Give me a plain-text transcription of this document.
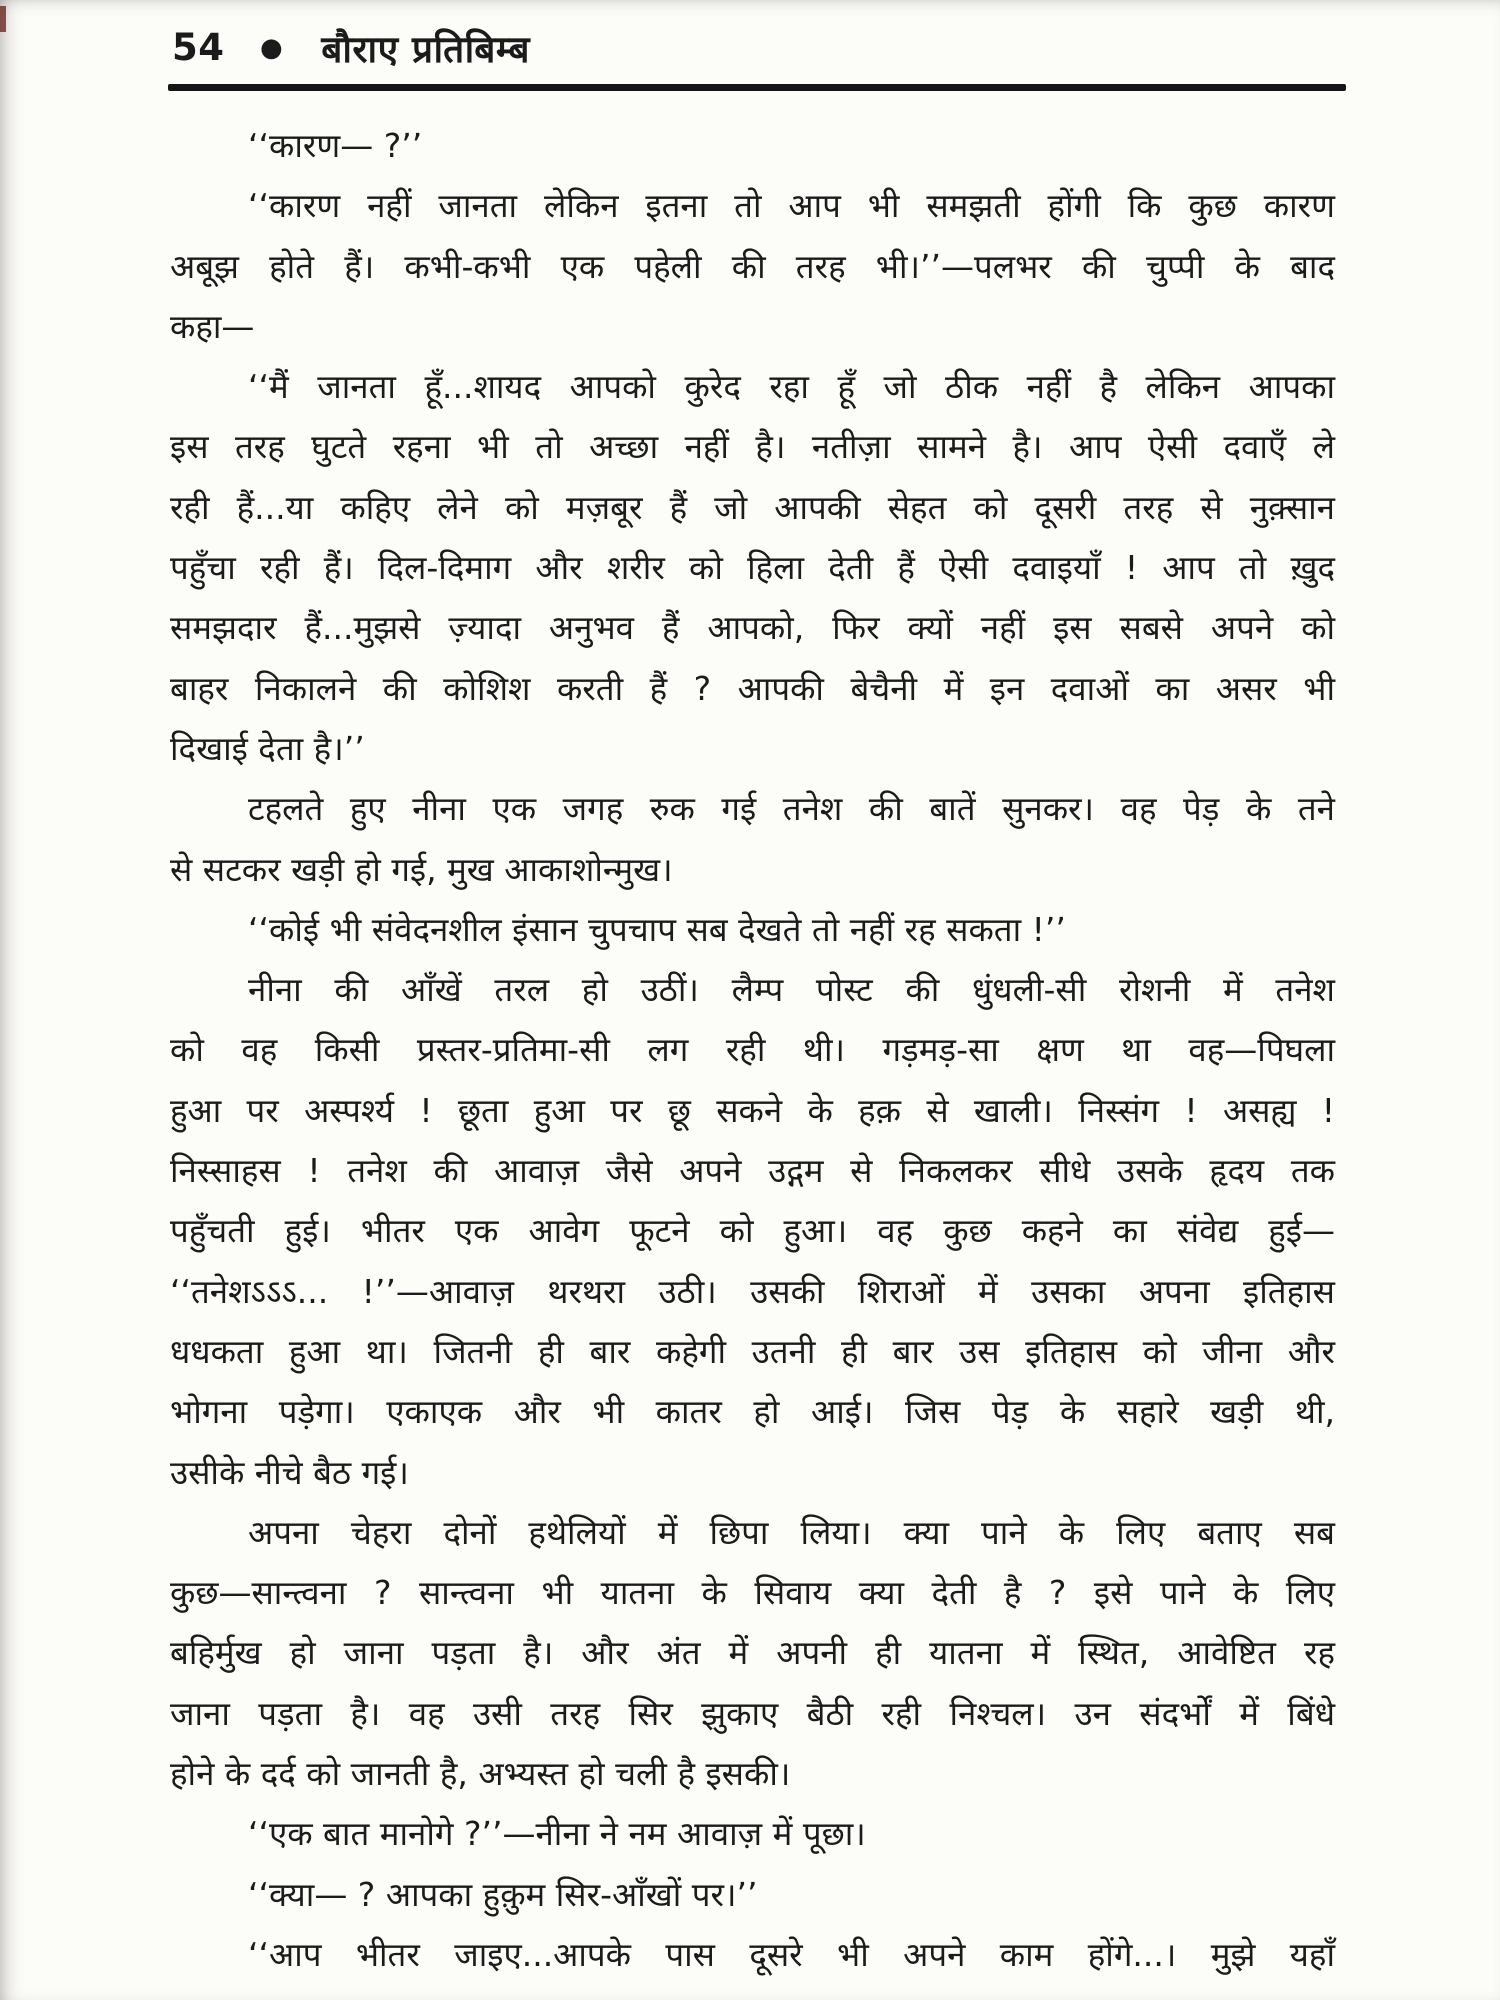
54 ● बौराए प्रतिबिम्ब
‘‘कारण— ?’’
‘‘कारण नहीं जानता लेकिन इतना तो आप भी समझती होंगी कि कुछ कारण
अबूझ होते हैं। कभी-कभी एक पहेली की तरह भी।’’—पलभर की चुप्पी के बाद
कहा—
‘‘मैं जानता हूँ...शायद आपको कुरेद रहा हूँ जो ठीक नहीं है लेकिन आपका
इस तरह घुटते रहना भी तो अच्छा नहीं है। नतीज़ा सामने है। आप ऐसी दवाएँ ले
रही हैं...या कहिए लेने को मज़बूर हैं जो आपकी सेहत को दूसरी तरह से नुक़्सान
पहुँचा रही हैं। दिल-दिमाग और शरीर को हिला देती हैं ऐसी दवाइयाँ ! आप तो ख़ुद
समझदार हैं...मुझसे ज़्यादा अनुभव हैं आपको, फिर क्यों नहीं इस सबसे अपने को
बाहर निकालने की कोशिश करती हैं ? आपकी बेचैनी में इन दवाओं का असर भी
दिखाई देता है।’’
टहलते हुए नीना एक जगह रुक गई तनेश की बातें सुनकर। वह पेड़ के तने
से सटकर खड़ी हो गई, मुख आकाशोन्मुख।
‘‘कोई भी संवेदनशील इंसान चुपचाप सब देखते तो नहीं रह सकता !’’
नीना की आँखें तरल हो उठीं। लैम्प पोस्ट की धुंधली-सी रोशनी में तनेश
को वह किसी प्रस्तर-प्रतिमा-सी लग रही थी। गड़मड़-सा क्षण था वह—पिघला
हुआ पर अस्पर्श्य ! छूता हुआ पर छू सकने के हक़ से खाली। निस्संग ! असह्य !
निस्साहस ! तनेश की आवाज़ जैसे अपने उद्गम से निकलकर सीधे उसके हृदय तक
पहुँचती हुई। भीतर एक आवेग फूटने को हुआ। वह कुछ कहने का संवेद्य हुई—
‘‘तनेशऽऽऽ... !’’—आवाज़ थरथरा उठी। उसकी शिराओं में उसका अपना इतिहास
धधकता हुआ था। जितनी ही बार कहेगी उतनी ही बार उस इतिहास को जीना और
भोगना पड़ेगा। एकाएक और भी कातर हो आई। जिस पेड़ के सहारे खड़ी थी,
उसीके नीचे बैठ गई।
अपना चेहरा दोनों हथेलियों में छिपा लिया। क्या पाने के लिए बताए सब
कुछ—सान्त्वना ? सान्त्वना भी यातना के सिवाय क्या देती है ? इसे पाने के लिए
बहिर्मुख हो जाना पड़ता है। और अंत में अपनी ही यातना में स्थित, आवेष्टित रह
जाना पड़ता है। वह उसी तरह सिर झुकाए बैठी रही निश्चल। उन संदर्भों में बिंधे
होने के दर्द को जानती है, अभ्यस्त हो चली है इसकी।
‘‘एक बात मानोगे ?’’—नीना ने नम आवाज़ में पूछा।
‘‘क्या— ? आपका हुक़ुम सिर-आँखों पर।’’
‘‘आप भीतर जाइए...आपके पास दूसरे भी अपने काम होंगे...। मुझे यहाँ
